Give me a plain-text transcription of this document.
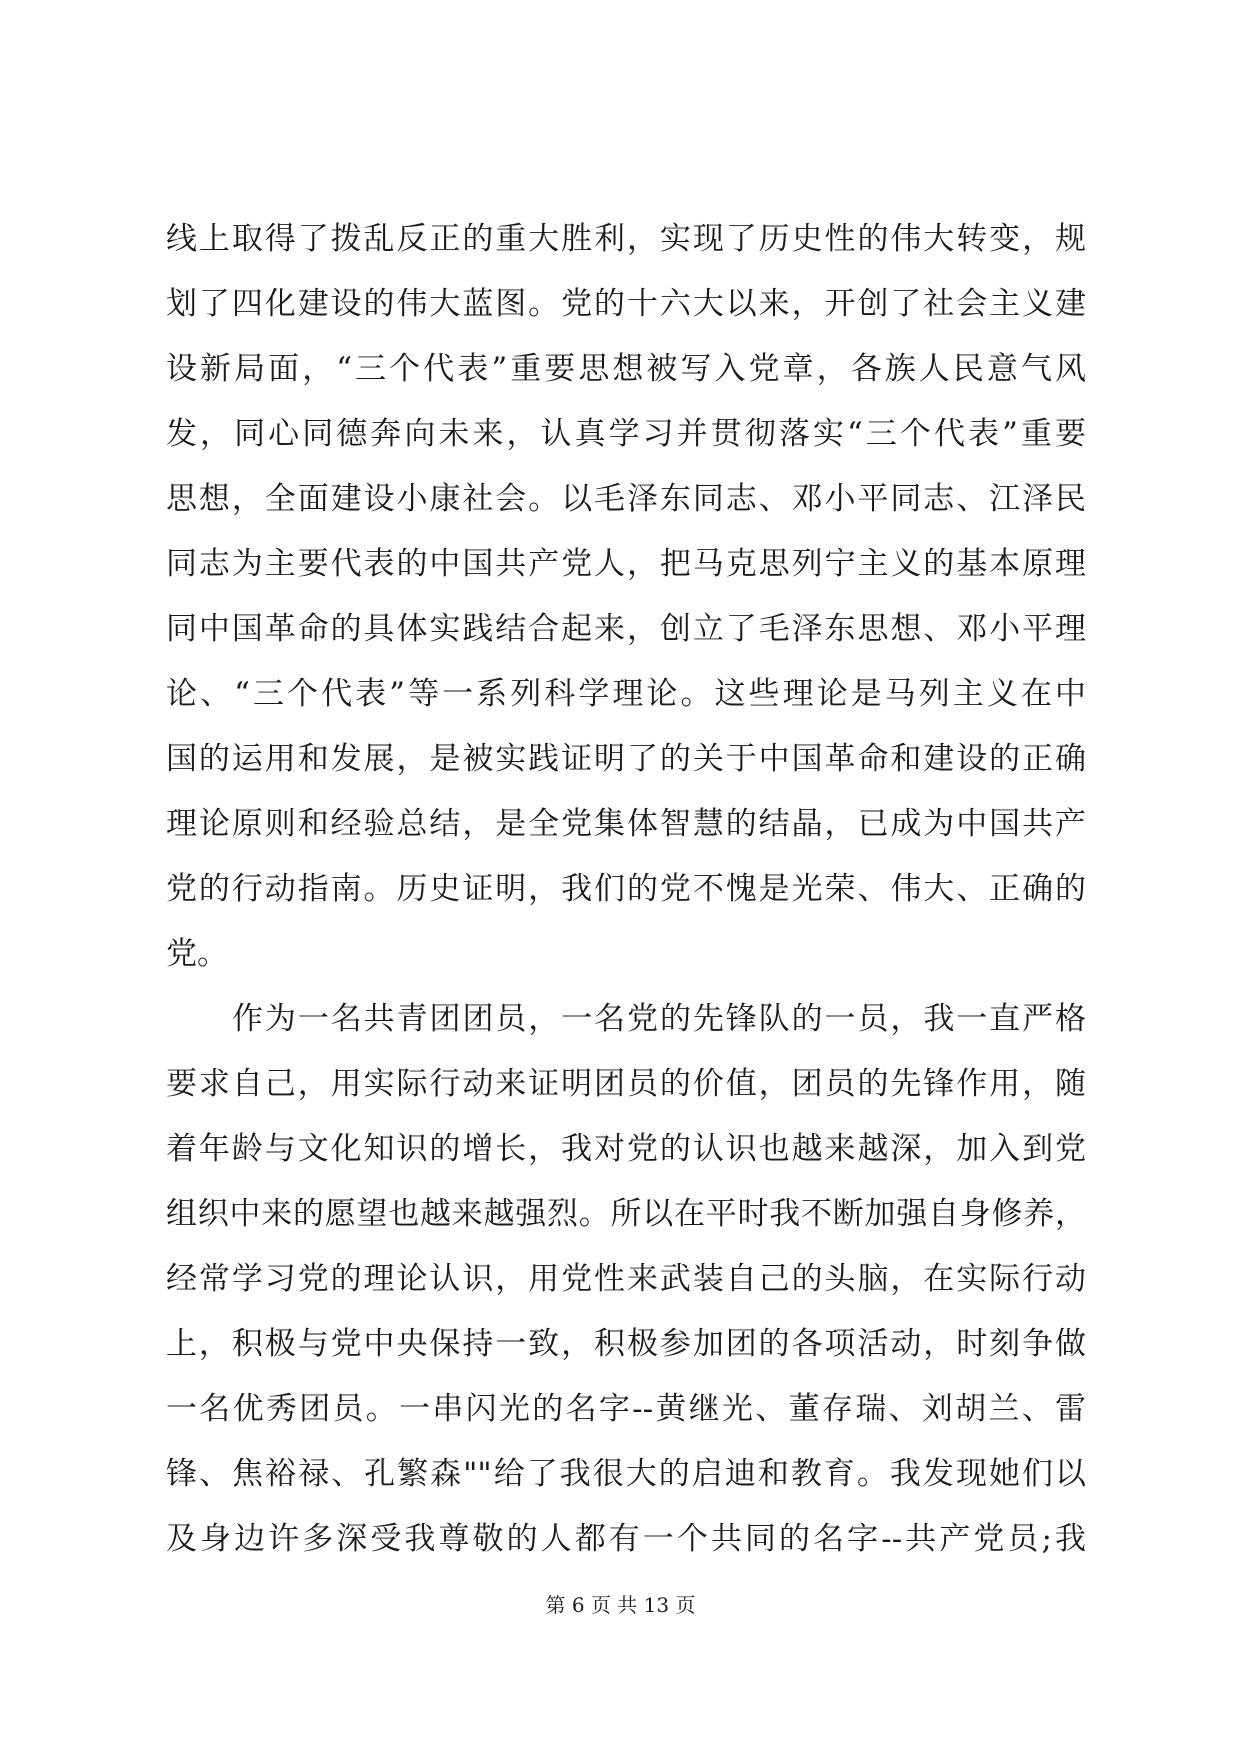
线上取得了拨乱反正的重大胜利，实现了历史性的伟大转变，规
划了四化建设的伟大蓝图。党的十六大以来，开创了社会主义建
设新局面，“三个代表”重要思想被写入党章，各族人民意气风
发，同心同德奔向未来，认真学习并贯彻落实“三个代表”重要
思想，全面建设小康社会。以毛泽东同志、邓小平同志、江泽民
同志为主要代表的中国共产党人，把马克思列宁主义的基本原理
同中国革命的具体实践结合起来，创立了毛泽东思想、邓小平理
论、“三个代表”等一系列科学理论。这些理论是马列主义在中
国的运用和发展，是被实践证明了的关于中国革命和建设的正确
理论原则和经验总结，是全党集体智慧的结晶，已成为中国共产
党的行动指南。历史证明，我们的党不愧是光荣、伟大、正确的
党。
作为一名共青团团员，一名党的先锋队的一员，我一直严格
要求自己，用实际行动来证明团员的价值，团员的先锋作用，随
着年龄与文化知识的增长，我对党的认识也越来越深，加入到党
组织中来的愿望也越来越强烈。所以在平时我不断加强自身修养，
经常学习党的理论认识，用党性来武装自己的头脑，在实际行动
上，积极与党中央保持一致，积极参加团的各项活动，时刻争做
一名优秀团员。一串闪光的名字--黄继光、董存瑞、刘胡兰、雷
锋、焦裕禄、孔繁森""给了我很大的启迪和教育。我发现她们以
及身边许多深受我尊敬的人都有一个共同的名字--共产党员;我
第 6 页 共 13 页
